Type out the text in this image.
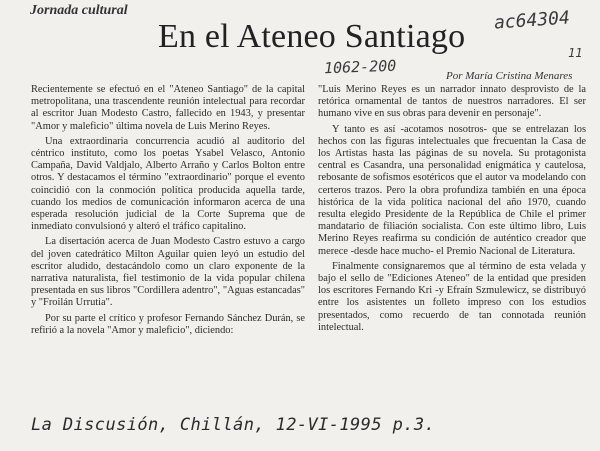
Jornada cultural
En el Ateneo Santiago ac64304
11
1062-200	Por María Cristina Menares

Recientemente se efectuó en el "Ateneo Santiago" de la capital metropolitana, una trascendente reunión intelectual para recordar al escritor Juan Modesto Castro, fallecido en 1943, y presentar "Amor y maleficio" última novela de Luis Merino Reyes.

Una extraordinaria concurrencia acudió al auditorio del céntrico instituto, como los poetas Ysabel Velasco, Antonio Campaña, David Valdjalo, Alberto Arraño y Carlos Bolton entre otros. Y destacamos el término "extraordinario" porque el evento coincidió con la conmoción política producida aquella tarde, cuando los medios de comunicación informaron acerca de una esperada resolución judicial de la Corte Suprema que de inmediato convulsionó y alteró el tráfico capitalino.

La disertación acerca de Juan Modesto Castro estuvo a cargo del joven catedrático Milton Aguilar quien leyó un estudio del escritor aludido, destacándolo como un claro exponente de la narrativa naturalista, fiel testimonio de la vida popular chilena presentada en sus libros "Cordillera adentro", "Aguas estancadas" y "Froilán Urrutia".

Por su parte el crítico y profesor Fernando Sánchez Durán, se refirió a la novela "Amor y maleficio", diciendo:

"Luis Merino Reyes es un narrador innato desprovisto de la retórica ornamental de tantos de nuestros narradores. El ser humano vive en sus obras para devenir en personaje".

Y tanto es así -acotamos nosotros- que se entrelazan los hechos con las figuras intelectuales que frecuentan la Casa de los Artistas hasta las páginas de su novela. Su protagonista central es Casandra, una personalidad enigmática y cautelosa, rebosante de sofismos esotéricos que el autor va modelando con certeros trazos. Pero la obra profundiza también en una época histórica de la vida política nacional del año 1970, cuando resulta elegido Presidente de la República de Chile el primer mandatario de filiación socialista. Con este último libro, Luis Merino Reyes reafirma su condición de auténtico creador que merece -desde hace mucho- el Premio Nacional de Literatura.

Finalmente consignaremos que al término de esta velada y bajo el sello de "Ediciones Ateneo" de la entidad que presiden los escritores Fernando Kri -y Efraín Szmulewicz, se distribuyó entre los asistentes un folleto impreso con los estudios presentados, como recuerdo de tan connotada reunión intelectual.

La Discusión, Chillán, 12-VI-1995 p.3.
